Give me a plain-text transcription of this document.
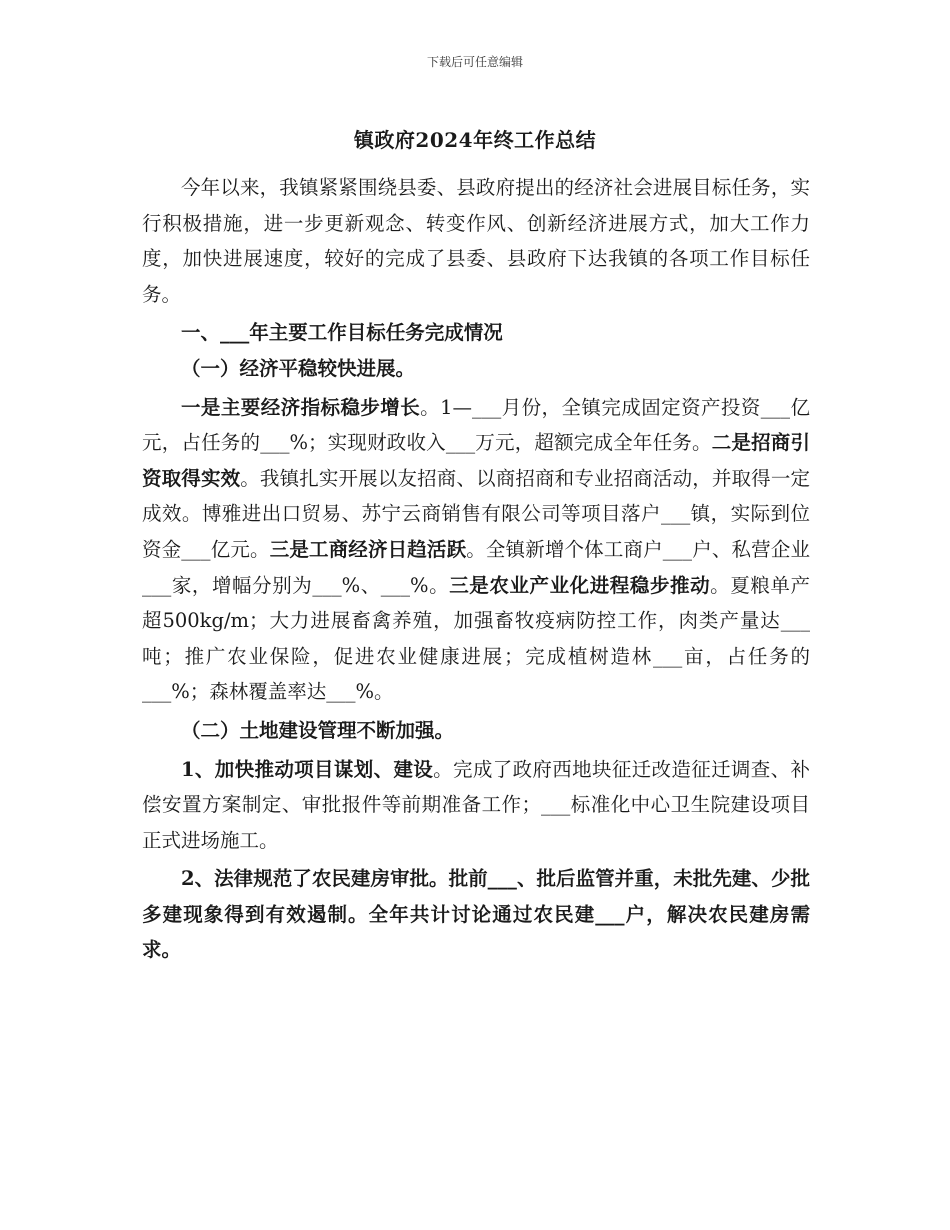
下载后可任意编辑
镇政府2024年终工作总结

今年以来，我镇紧紧围绕县委、县政府提出的经济社会进展目标任务，实行积极措施，进一步更新观念、转变作风、创新经济进展方式，加大工作力度，加快进展速度，较好的完成了县委、县政府下达我镇的各项工作目标任务。

一、___年主要工作目标任务完成情况

（一）经济平稳较快进展。

一是主要经济指标稳步增长。1—___月份，全镇完成固定资产投资___亿元，占任务的___%；实现财政收入___万元，超额完成全年任务。二是招商引资取得实效。我镇扎实开展以友招商、以商招商和专业招商活动，并取得一定成效。博雅进出口贸易、苏宁云商销售有限公司等项目落户___镇，实际到位资金___亿元。三是工商经济日趋活跃。全镇新增个体工商户___户、私营企业___家，增幅分别为___%、___%。三是农业产业化进程稳步推动。夏粮单产超500kg/m；大力进展畜禽养殖，加强畜牧疫病防控工作，肉类产量达___吨；推广农业保险，促进农业健康进展；完成植树造林___亩，占任务的___%；森林覆盖率达___%。

（二）土地建设管理不断加强。

1、加快推动项目谋划、建设。完成了政府西地块征迁改造征迁调查、补偿安置方案制定、审批报件等前期准备工作；___标准化中心卫生院建设项目正式进场施工。

2、法律规范了农民建房审批。批前___、批后监管并重，未批先建、少批多建现象得到有效遏制。全年共计讨论通过农民建___户，解决农民建房需求。
